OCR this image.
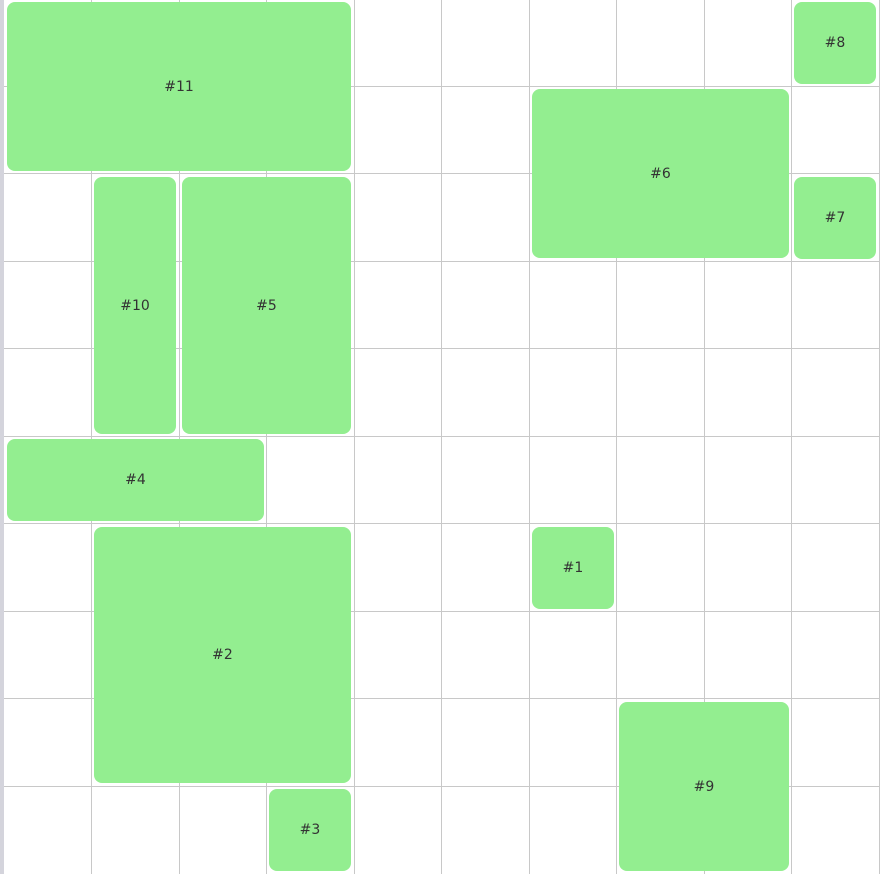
#11
#8
#6
#7
#10	#5
#4
#2
#1
#9
#3
